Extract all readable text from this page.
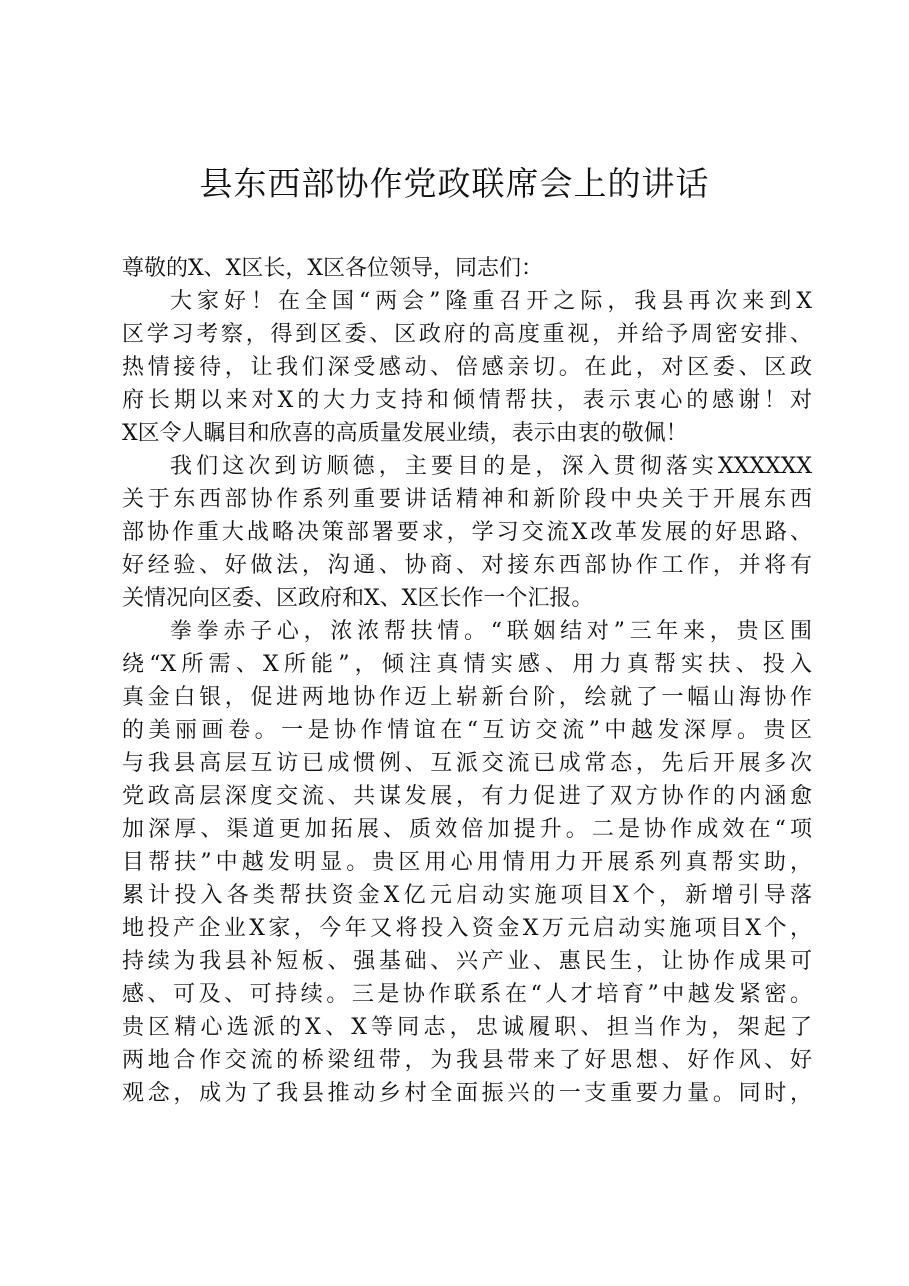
县东西部协作党政联席会上的讲话

尊敬的X、X区长，X区各位领导，同志们：

大家好！在全国“两会”隆重召开之际，我县再次来到X

区学习考察，得到区委、区政府的高度重视，并给予周密安排、

热情接待，让我们深受感动、倍感亲切。在此，对区委、区政

府长期以来对X的大力支持和倾情帮扶，表示衷心的感谢！对

X区令人瞩目和欣喜的高质量发展业绩，表示由衷的敬佩！

我们这次到访顺德，主要目的是，深入贯彻落实XXXXXX

关于东西部协作系列重要讲话精神和新阶段中央关于开展东西

部协作重大战略决策部署要求，学习交流X改革发展的好思路、

好经验、好做法，沟通、协商、对接东西部协作工作，并将有

关情况向区委、区政府和X、X区长作一个汇报。

拳拳赤子心，浓浓帮扶情。“联姻结对”三年来，贵区围

绕“X所需、X所能”，倾注真情实感、用力真帮实扶、投入

真金白银，促进两地协作迈上崭新台阶，绘就了一幅山海协作

的美丽画卷。一是协作情谊在“互访交流”中越发深厚。贵区

与我县高层互访已成惯例、互派交流已成常态，先后开展多次

党政高层深度交流、共谋发展，有力促进了双方协作的内涵愈

加深厚、渠道更加拓展、质效倍加提升。二是协作成效在“项

目帮扶”中越发明显。贵区用心用情用力开展系列真帮实助，

累计投入各类帮扶资金X亿元启动实施项目X个，新增引导落

地投产企业X家，今年又将投入资金X万元启动实施项目X个，

持续为我县补短板、强基础、兴产业、惠民生，让协作成果可

感、可及、可持续。三是协作联系在“人才培育”中越发紧密。

贵区精心选派的X、X等同志，忠诚履职、担当作为，架起了

两地合作交流的桥梁纽带，为我县带来了好思想、好作风、好

观念，成为了我县推动乡村全面振兴的一支重要力量。同时，
